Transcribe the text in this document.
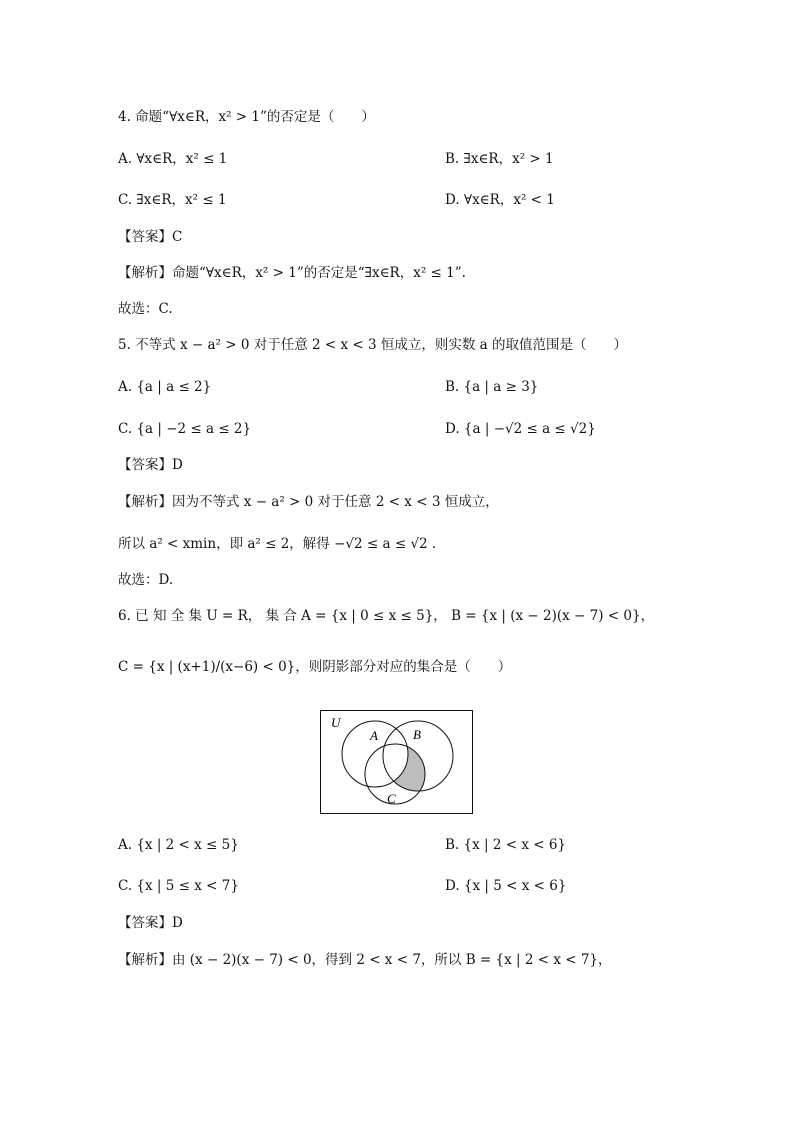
4. 命题“∀x∈R，x² > 1”的否定是（　　）
A. ∀x∈R，x² ≤ 1	B. ∃x∈R，x² > 1
C. ∃x∈R，x² ≤ 1	D. ∀x∈R，x² < 1
【答案】C
【解析】命题“∀x∈R，x² > 1”的否定是“∃x∈R，x² ≤ 1”.
故选：C.
5. 不等式 x − a² > 0 对于任意 2 < x < 3 恒成立，则实数 a 的取值范围是（　　）
A. {a | a ≤ 2}	B. {a | a ≥ 3}
C. {a | −2 ≤ a ≤ 2}	D. {a | −√2 ≤ a ≤ √2}
【答案】D
【解析】因为不等式 x − a² > 0 对于任意 2 < x < 3 恒成立，
所以 a² < xmin，即 a² ≤ 2，解得 −√2 ≤ a ≤ √2 .
故选：D.
6. 已 知 全 集 U = R， 集 合 A = {x | 0 ≤ x ≤ 5}， B = {x | (x − 2)(x − 7) < 0}，
C = {x | (x+1)/(x−6) < 0}，则阴影部分对应的集合是（　　）
U
A	B
C
A. {x | 2 < x ≤ 5}	B. {x | 2 < x < 6}
C. {x | 5 ≤ x < 7}	D. {x | 5 < x < 6}
【答案】D
【解析】由 (x − 2)(x − 7) < 0，得到 2 < x < 7，所以 B = {x | 2 < x < 7}，
